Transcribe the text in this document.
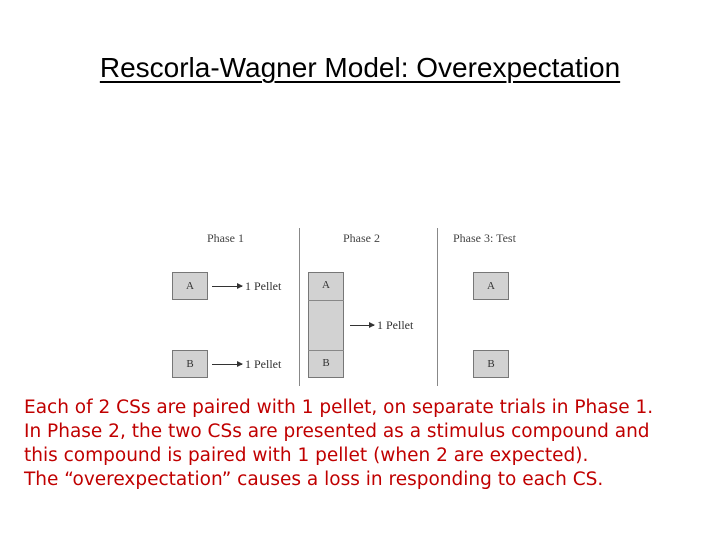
Rescorla-Wagner Model: Overexpectation
Phase 1	Phase 2	Phase 3: Test
A	1 Pellet
B	1 Pellet
A
B
1 Pellet
A
B
Each of 2 CSs are paired with 1 pellet, on separate trials in Phase 1.
In Phase 2, the two CSs are presented as a stimulus compound and
this compound is paired with 1 pellet (when 2 are expected).
The “overexpectation” causes a loss in responding to each CS.
